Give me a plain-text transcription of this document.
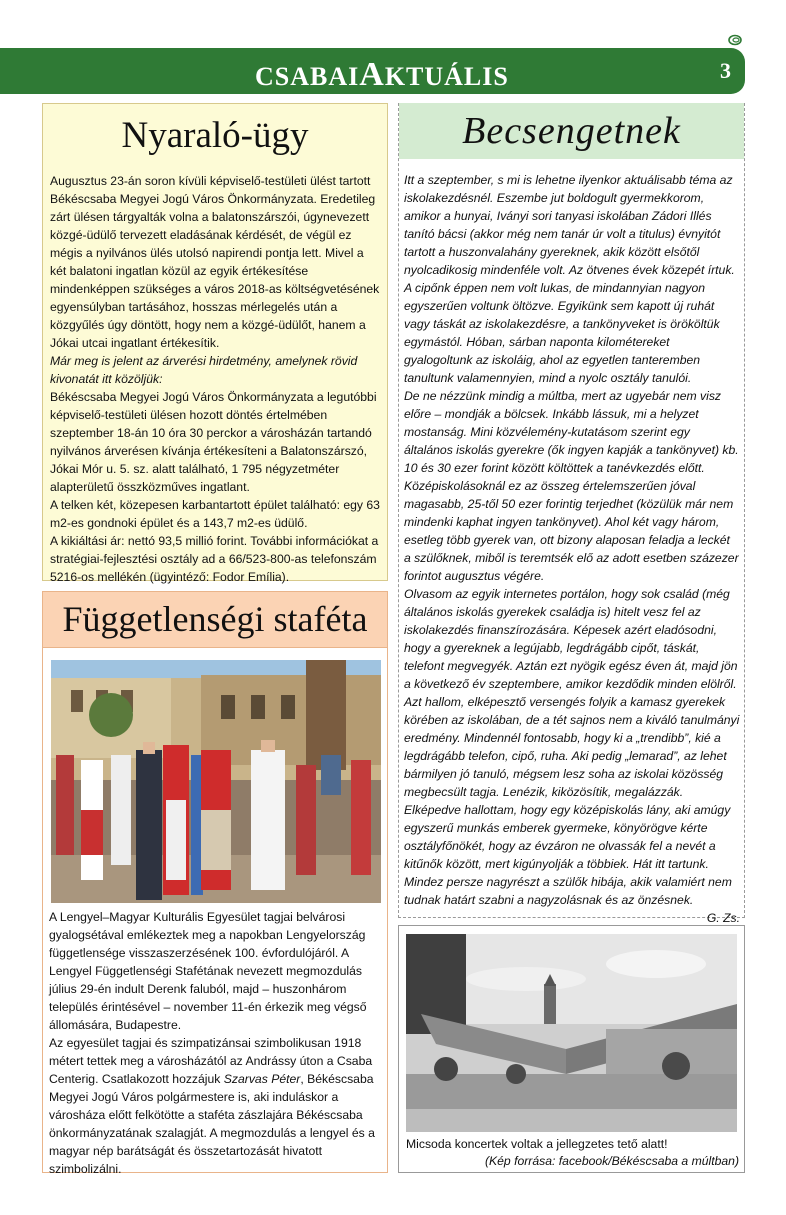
CSABAIAKTUÁLIS	3
Nyaraló-ügy

Augusztus 23-án soron kívüli képviselő-testületi ülést tartott Békéscsaba Megyei Jogú Város Önkormányzata. Eredetileg zárt ülésen tárgyalták volna a balatonszárszói, úgynevezett közgé-üdülő tervezett eladásának kérdését, de végül ez mégis a nyilvános ülés utolsó napirendi pontja lett. Mivel a két balatoni ingatlan közül az egyik értékesítése mindenképpen szükséges a város 2018-as költségvetésének egyensúlyban tartásához, hosszas mérlegelés után a közgyűlés úgy döntött, hogy nem a közgé-üdülőt, hanem a Jókai utcai ingatlant értékesítik.

Már meg is jelent az árverési hirdetmény, amelynek rövid kivonatát itt közöljük:

Békéscsaba Megyei Jogú Város Önkormányzata a legutóbbi képviselő-testületi ülésen hozott döntés értelmében szeptember 18-án 10 óra 30 perckor a városházán tartandó nyilvános árverésen kívánja értékesíteni a Balatonszárszó, Jókai Mór u. 5. sz. alatt található, 1 795 négyzetméter alapterületű összközműves ingatlant.

A telken két, közepesen karbantartott épület található: egy 63 m2-es gondnoki épület és a 143,7 m2-es üdülő.

A kikiáltási ár: nettó 93,5 millió forint. További információkat a stratégiai-fejlesztési osztály ad a 66/523-800-as telefonszám 5216-os mellékén (ügyintéző: Fodor Emília).

Függetlenségi staféta

A Lengyel–Magyar Kulturális Egyesület tagjai belvárosi gyalogsétával emlékeztek meg a napokban Lengyelország függetlensége visszaszerzésének 100. évfordulójáról. A Lengyel Függetlenségi Stafétának nevezett megmozdulás július 29-én indult Derenk faluból, majd – huszonhárom település érintésével – november 11-én érkezik meg végső állomására, Budapestre.

Az egyesület tagjai és szimpatizánsai szimbolikusan 1918 métert tettek meg a városházától az Andrássy úton a Csaba Centerig. Csatlakozott hozzájuk Szarvas Péter, Békéscsaba Megyei Jogú Város polgármestere is, aki induláskor a városháza előtt felkötötte a staféta zászlajára Békéscsaba önkormányzatának szalagját. A megmozdulás a lengyel és a magyar nép barátságát és összetartozását hivatott szimbolizálni.

Becsengetnek

Itt a szeptember, s mi is lehetne ilyenkor aktuálisabb téma az iskolakezdésnél. Eszembe jut boldogult gyermekkorom, amikor a hunyai, Iványi sori tanyasi iskolában Zádori Illés tanító bácsi (akkor még nem tanár úr volt a titulus) évnyitót tartott a huszonvalahány gyereknek, akik között elsőtől nyolcadikosig mindenféle volt. Az ötvenes évek közepét írtuk. A cipőnk éppen nem volt lukas, de mindannyian nagyon egyszerűen voltunk öltözve. Egyikünk sem kapott új ruhát vagy táskát az iskolakezdésre, a tankönyveket is örököltük egymástól. Hóban, sárban naponta kilométereket gyalogoltunk az iskoláig, ahol az egyetlen tanteremben tanultunk valamennyien, mind a nyolc osztály tanulói.

De ne nézzünk mindig a múltba, mert az ugyebár nem visz előre – mondják a bölcsek. Inkább lássuk, mi a helyzet mostanság. Mini közvélemény-kutatásom szerint egy általános iskolás gyerekre (ők ingyen kapják a tankönyvet) kb. 10 és 30 ezer forint között költöttek a tanévkezdés előtt. Középiskolásoknál ez az összeg értelemszerűen jóval magasabb, 25-től 50 ezer forintig terjedhet (közülük már nem mindenki kaphat ingyen tankönyvet). Ahol két vagy három, esetleg több gyerek van, ott bizony alaposan feladja a leckét a szülőknek, miből is teremtsék elő az adott esetben százezer forintot augusztus végére.

Olvasom az egyik internetes portálon, hogy sok család (még általános iskolás gyerekek családja is) hitelt vesz fel az iskolakezdés finanszírozására. Képesek azért eladósodni, hogy a gyereknek a legújabb, legdrágább cipőt, táskát, telefont megvegyék. Aztán ezt nyögik egész éven át, majd jön a következő év szeptembere, amikor kezdődik minden elölről.

Azt hallom, elképesztő versengés folyik a kamasz gyerekek körében az iskolában, de a tét sajnos nem a kiváló tanulmányi eredmény. Mindennél fontosabb, hogy ki a „trendibb”, kié a legdrágább telefon, cipő, ruha. Aki pedig „lemarad”, az lehet bármilyen jó tanuló, mégsem lesz soha az iskolai közösség megbecsült tagja. Lenézik, kiközösítik, megalázzák. Elképedve hallottam, hogy egy középiskolás lány, aki amúgy egyszerű munkás emberek gyermeke, könyörögve kérte osztályfőnökét, hogy az évzáron ne olvassák fel a nevét a kitűnők között, mert kigúnyolják a többiek. Hát itt tartunk.

Mindez persze nagyrészt a szülők hibája, akik valamiért nem tudnak határt szabni a nagyzolásnak és az önzésnek.

G. Zs.

Micsoda koncertek voltak a jellegzetes tető alatt!

(Kép forrása: facebook/Békéscsaba a múltban)
